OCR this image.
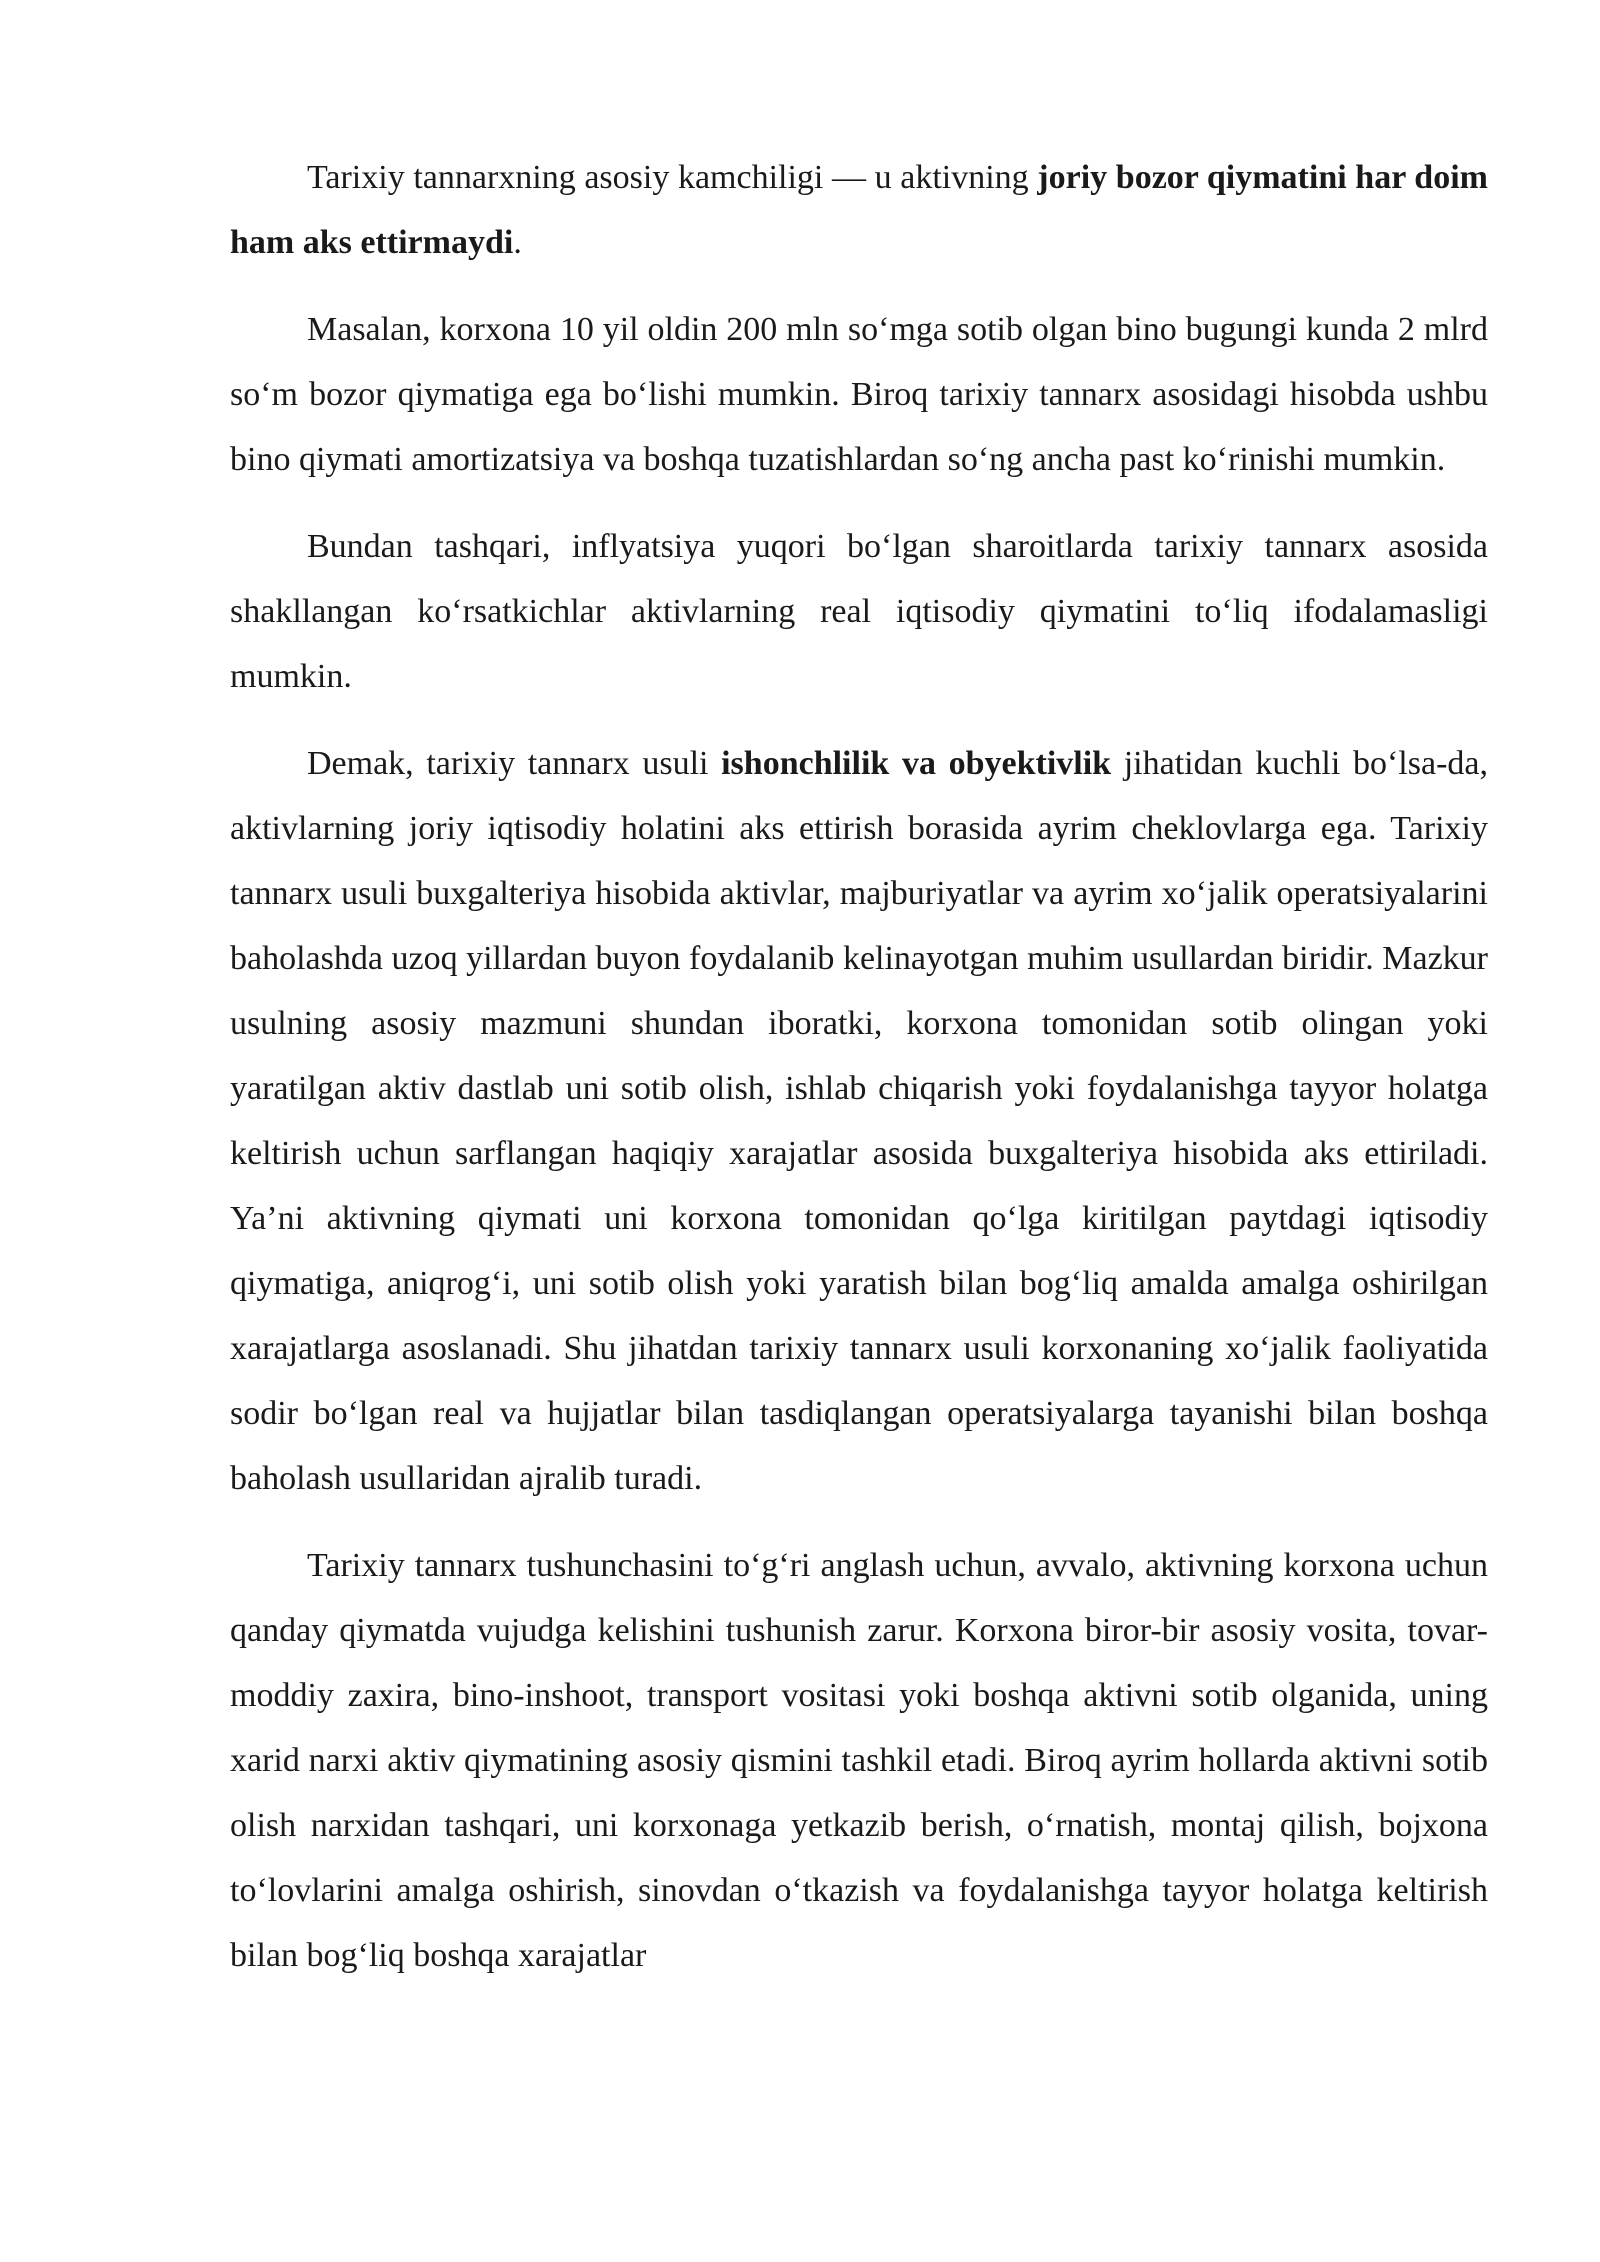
Tarixiy tannarxning asosiy kamchiligi — u aktivning joriy bozor qiymatini har doim ham aks ettirmaydi.

Masalan, korxona 10 yil oldin 200 mln so‘mga sotib olgan bino bugungi kunda 2 mlrd so‘m bozor qiymatiga ega bo‘lishi mumkin. Biroq tarixiy tannarx asosidagi hisobda ushbu bino qiymati amortizatsiya va boshqa tuzatishlardan so‘ng ancha past ko‘rinishi mumkin.

Bundan tashqari, inflyatsiya yuqori bo‘lgan sharoitlarda tarixiy tannarx asosida shakllangan ko‘rsatkichlar aktivlarning real iqtisodiy qiymatini to‘liq ifodalamasligi mumkin.

Demak, tarixiy tannarx usuli ishonchlilik va obyektivlik jihatidan kuchli bo‘lsa-da, aktivlarning joriy iqtisodiy holatini aks ettirish borasida ayrim cheklovlarga ega. Tarixiy tannarx usuli buxgalteriya hisobida aktivlar, majburiyatlar va ayrim xo‘jalik operatsiyalarini baholashda uzoq yillardan buyon foydalanib kelinayotgan muhim usullardan biridir. Mazkur usulning asosiy mazmuni shundan iboratki, korxona tomonidan sotib olingan yoki yaratilgan aktiv dastlab uni sotib olish, ishlab chiqarish yoki foydalanishga tayyor holatga keltirish uchun sarflangan haqiqiy xarajatlar asosida buxgalteriya hisobida aks ettiriladi. Ya’ni aktivning qiymati uni korxona tomonidan qo‘lga kiritilgan paytdagi iqtisodiy qiymatiga, aniqrog‘i, uni sotib olish yoki yaratish bilan bog‘liq amalda amalga oshirilgan xarajatlarga asoslanadi. Shu jihatdan tarixiy tannarx usuli korxonaning xo‘jalik faoliyatida sodir bo‘lgan real va hujjatlar bilan tasdiqlangan operatsiyalarga tayanishi bilan boshqa baholash usullaridan ajralib turadi.

Tarixiy tannarx tushunchasini to‘g‘ri anglash uchun, avvalo, aktivning korxona uchun qanday qiymatda vujudga kelishini tushunish zarur. Korxona biror-bir asosiy vosita, tovar-moddiy zaxira, bino-inshoot, transport vositasi yoki boshqa aktivni sotib olganida, uning xarid narxi aktiv qiymatining asosiy qismini tashkil etadi. Biroq ayrim hollarda aktivni sotib olish narxidan tashqari, uni korxonaga yetkazib berish, o‘rnatish, montaj qilish, bojxona to‘lovlarini amalga oshirish, sinovdan o‘tkazish va foydalanishga tayyor holatga keltirish bilan bog‘liq boshqa xarajatlar
